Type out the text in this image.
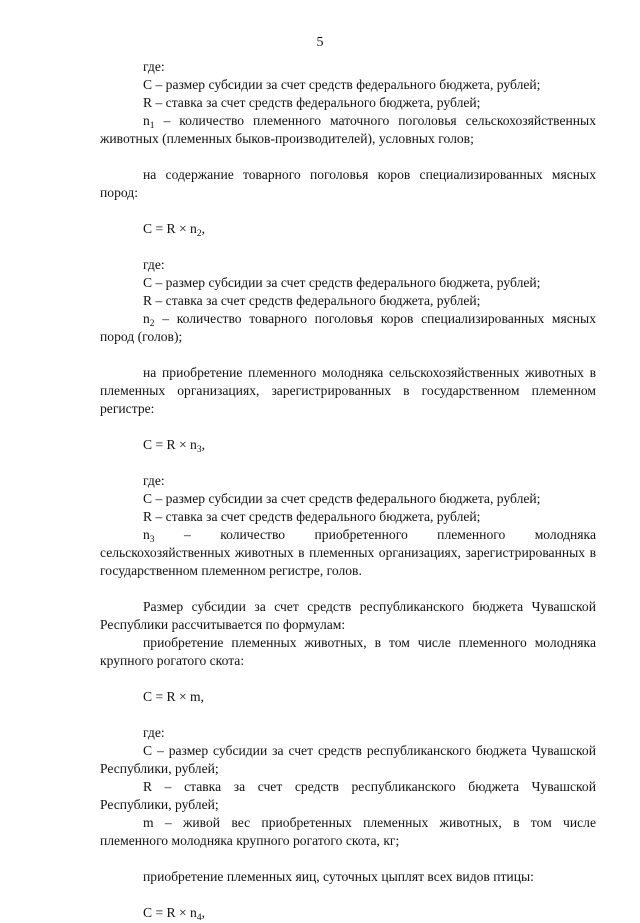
5

где:

С – размер субсидии за счет средств федерального бюджета, рублей;

R – ставка за счет средств федерального бюджета, рублей;

$n_1$ – количество племенного маточного поголовья сельскохозяйственных животных (племенных быков-производителей), условных голов;

на содержание товарного поголовья коров специализированных мясных пород:

$C = R \times n_2$,

где:

С – размер субсидии за счет средств федерального бюджета, рублей;

R – ставка за счет средств федерального бюджета, рублей;

$n_2$ – количество товарного поголовья коров специализированных мясных пород (голов);

на приобретение племенного молодняка сельскохозяйственных животных в племенных организациях, зарегистрированных в государственном племенном регистре:

$C = R \times n_3$,

где:

С – размер субсидии за счет средств федерального бюджета, рублей;

R – ставка за счет средств федерального бюджета, рублей;

$n_3$ – количество приобретенного племенного молодняка сельскохозяйственных животных в племенных организациях, зарегистрированных в государственном племенном регистре, голов.

Размер субсидии за счет средств республиканского бюджета Чувашской Республики рассчитывается по формулам:

приобретение племенных животных, в том числе племенного молодняка крупного рогатого скота:

C = R × m,

где:

С – размер субсидии за счет средств республиканского бюджета Чувашской Республики, рублей;

R – ставка за счет средств республиканского бюджета Чувашской Республики, рублей;

m – живой вес приобретенных племенных животных, в том числе племенного молодняка крупного рогатого скота, кг;

приобретение племенных яиц, суточных цыплят всех видов птицы:

$C = R \times n_4$,
